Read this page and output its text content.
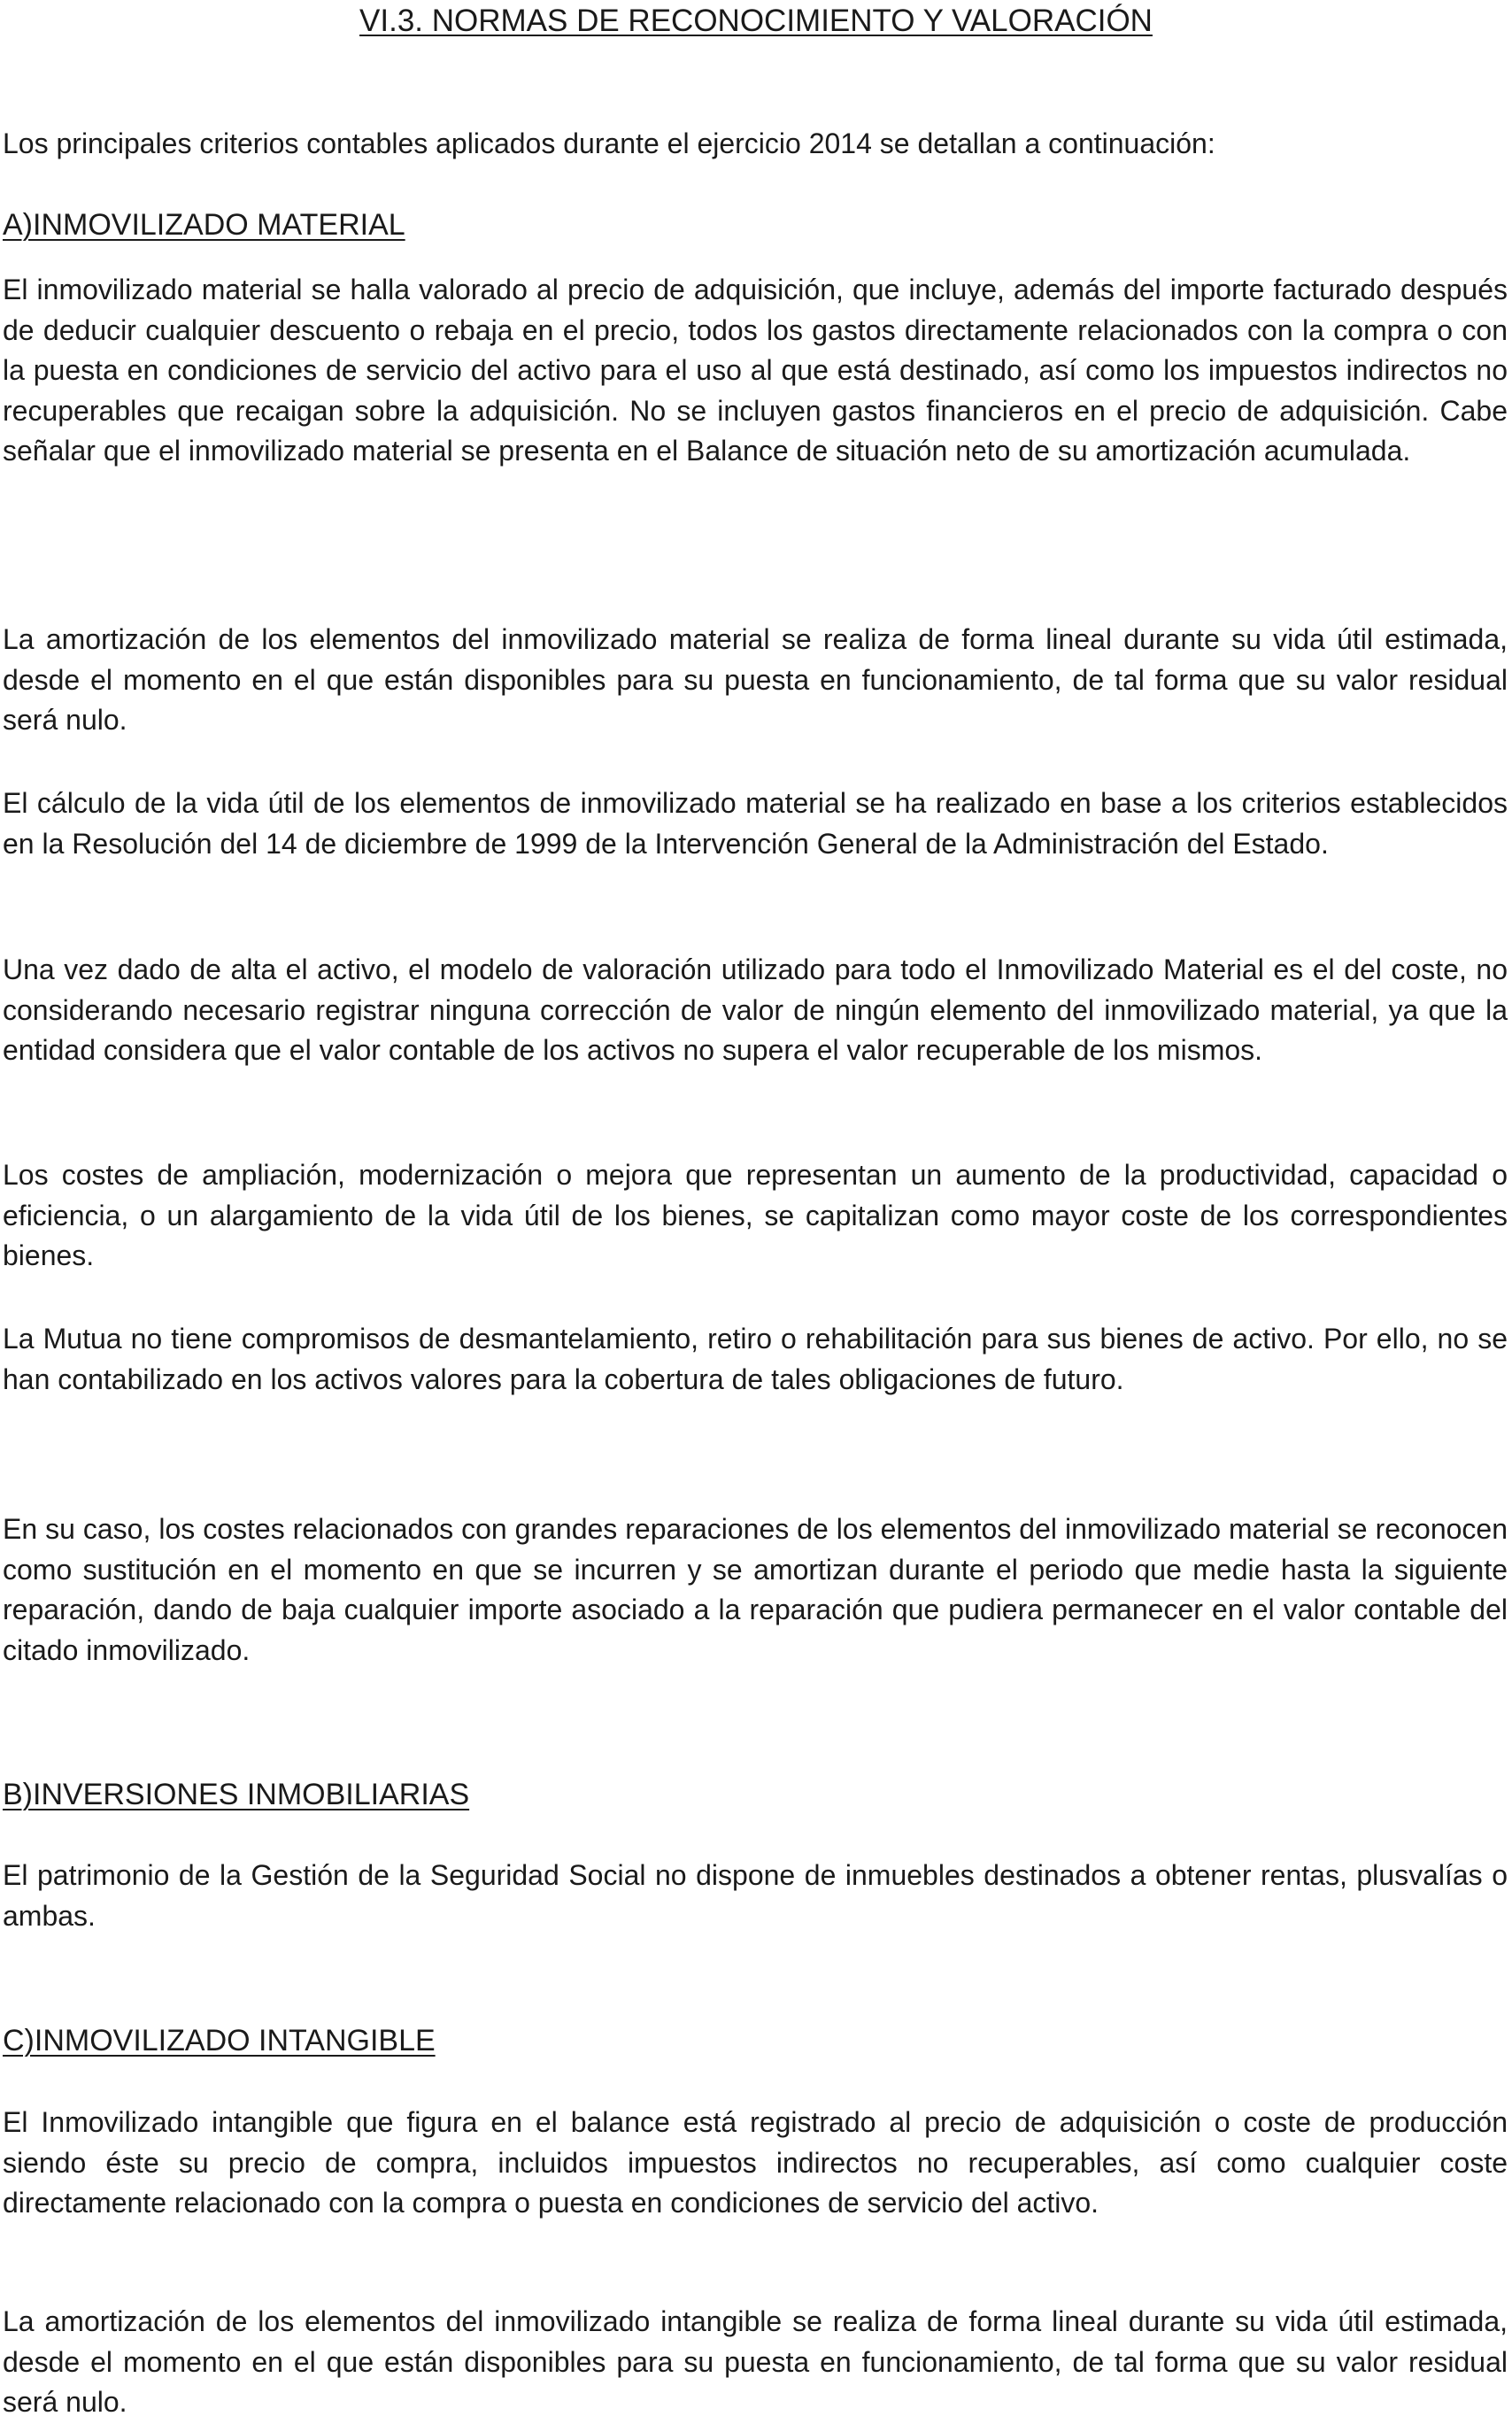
VI.3. NORMAS DE RECONOCIMIENTO Y VALORACIÓN

Los principales criterios contables aplicados durante el ejercicio 2014 se detallan a continuación:

A)INMOVILIZADO MATERIAL

El inmovilizado material se halla valorado al precio de adquisición, que incluye, además del importe facturado después de deducir cualquier descuento o rebaja en el precio, todos los gastos directamente relacionados con la compra o con la puesta en condiciones de servicio del activo para el uso al que está destinado, así como los impuestos indirectos no recuperables que recaigan sobre la adquisición. No se incluyen gastos financieros en el precio de adquisición. Cabe señalar que el inmovilizado material se presenta en el Balance de situación neto de su amortización acumulada.

La amortización de los elementos del inmovilizado material se realiza de forma lineal durante su vida útil estimada, desde el momento en el que están disponibles para su puesta en funcionamiento, de tal forma que su valor residual será nulo.

El cálculo de la vida útil de los elementos de inmovilizado material se ha realizado en base a los criterios establecidos en la Resolución del 14 de diciembre de 1999 de la Intervención General de la Administración del Estado.

Una vez dado de alta el activo, el modelo de valoración utilizado para todo el Inmovilizado Material es el del coste, no considerando necesario registrar ninguna corrección de valor de ningún elemento del inmovilizado material, ya que la entidad considera que el valor contable de los activos no supera el valor recuperable de los mismos.

Los costes de ampliación, modernización o mejora que representan un aumento de la productividad, capacidad o eficiencia, o un alargamiento de la vida útil de los bienes, se capitalizan como mayor coste de los correspondientes bienes.

La Mutua no tiene compromisos de desmantelamiento, retiro o rehabilitación para sus bienes de activo. Por ello, no se han contabilizado en los activos valores para la cobertura de tales obligaciones de futuro.

En su caso, los costes relacionados con grandes reparaciones de los elementos del inmovilizado material se reconocen como sustitución en el momento en que se incurren y se amortizan durante el periodo que medie hasta la siguiente reparación, dando de baja cualquier importe asociado a la reparación que pudiera permanecer en el valor contable del citado inmovilizado.

B)INVERSIONES INMOBILIARIAS

El patrimonio de la Gestión de la Seguridad Social no dispone de inmuebles destinados a obtener rentas, plusvalías o ambas.

C)INMOVILIZADO INTANGIBLE

El Inmovilizado intangible que figura en el balance está registrado al precio de adquisición o coste de producción siendo éste su precio de compra, incluidos impuestos indirectos no recuperables, así como cualquier coste directamente relacionado con la compra o puesta en condiciones de servicio del activo.

La amortización de los elementos del inmovilizado intangible se realiza de forma lineal durante su vida útil estimada, desde el momento en el que están disponibles para su puesta en funcionamiento, de tal forma que su valor residual será nulo.
